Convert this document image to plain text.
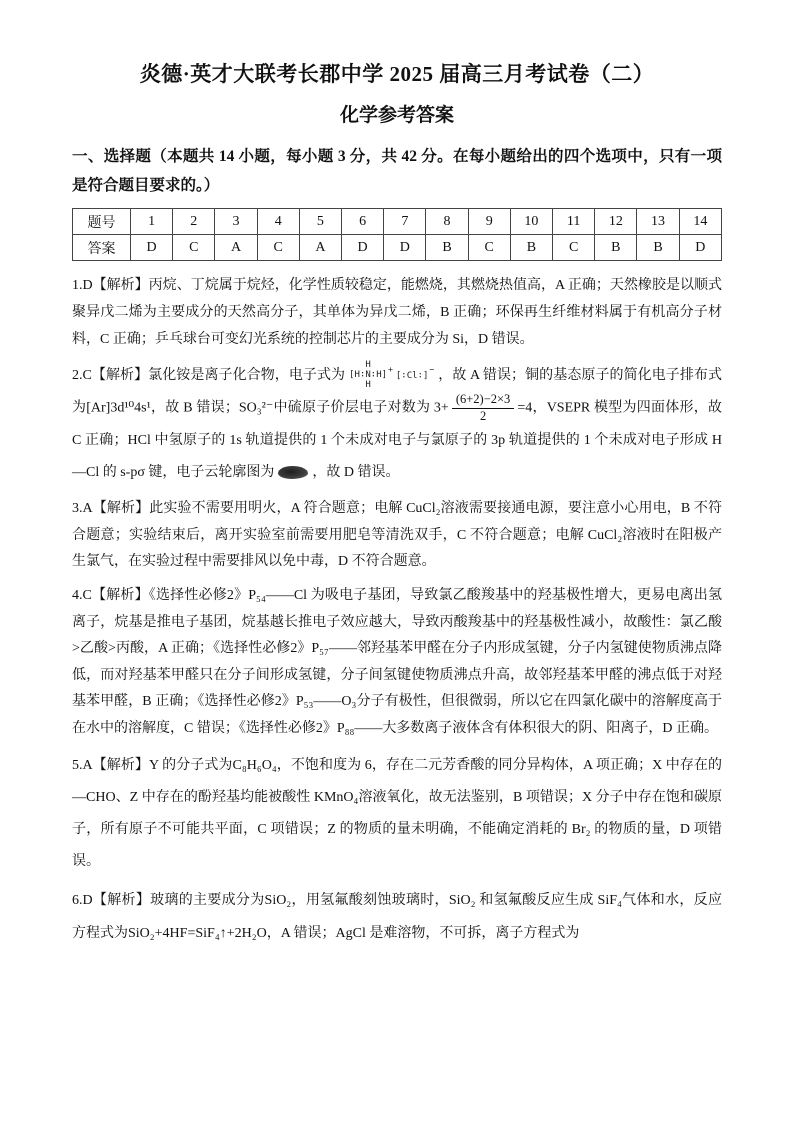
炎德·英才大联考长郡中学 2025 届高三月考试卷（二）
化学参考答案
一、选择题（本题共 14 小题，每小题 3 分，共 42 分。在每小题给出的四个选项中，只有一项是符合题目要求的。）
题号	1	2	3	4	5	6	7	8	9	10	11	12	13	14
答案	D	C	A	C	A	D	D	B	C	B	C	B	B	D

1.D【解析】丙烷、丁烷属于烷烃，化学性质较稳定，能燃烧，其燃烧热值高，A 正确；天然橡胶是以顺式聚异戊二烯为主要成分的天然高分子，其单体为异戊二烯，B 正确；环保再生纤维材料属于有机高分子材料，C 正确；乒乓球台可变幻光系统的控制芯片的主要成分为 Si，D 错误。

2.C【解析】氯化铵是离子化合物，电子式为
H
[H∶N∶H]
H
+
[∶Cl∶]
− ，故 A 错误；铜的基态原子的简化电子排布式为[Ar]3d¹⁰4s¹，故 B 错误；SO₃²⁻中硫原子价层电子对数为 $3+ \frac{(6+2)-2\times 3}{2} =4$，VSEPR 模型为四面体形，故 C 正确；HCl 中氢原子的 1s 轨道提供的 1 个未成对电子与氯原子的 3p 轨道提供的 1 个未成对电子形成 H—Cl 的 s-pσ 键，电子云轮廓图为	，故 D 错误。

3.A【解析】此实验不需要用明火，A 符合题意；电解 CuCl₂溶液需要接通电源，要注意小心用电，B 不符合题意；实验结束后，离开实验室前需要用肥皂等清洗双手，C 不符合题意；电解 CuCl₂溶液时在阳极产生氯气，在实验过程中需要排风以免中毒，D 不符合题意。

4.C【解析】《选择性必修2》P₅₄——Cl 为吸电子基团，导致氯乙酸羧基中的羟基极性增大，更易电离出氢离子，烷基是推电子基团，烷基越长推电子效应越大，导致丙酸羧基中的羟基极性减小，故酸性：氯乙酸>乙酸>丙酸，A 正确；《选择性必修2》P₅₇——邻羟基苯甲醛在分子内形成氢键，分子内氢键使物质沸点降低，而对羟基苯甲醛只在分子间形成氢键，分子间氢键使物质沸点升高，故邻羟基苯甲醛的沸点低于对羟基苯甲醛，B 正确；《选择性必修2》P₅₃——O₃分子有极性，但很微弱，所以它在四氯化碳中的溶解度高于在水中的溶解度，C 错误；《选择性必修2》P₈₈——大多数离子液体含有体积很大的阴、阳离子，D 正确。

5.A【解析】Y 的分子式为C₈H₆O₄，不饱和度为 6，存在二元芳香酸的同分异构体，A 项正确；X 中存在的—CHO、Z 中存在的酚羟基均能被酸性 KMnO₄溶液氧化，故无法鉴别，B 项错误；X 分子中存在饱和碳原子，所有原子不可能共平面，C 项错误；Z 的物质的量未明确，不能确定消耗的 Br₂ 的物质的量，D 项错误。

6.D【解析】玻璃的主要成分为SiO₂，用氢氟酸刻蚀玻璃时，SiO₂ 和氢氟酸反应生成 SiF₄气体和水，反应方程式为SiO₂+4HF=SiF₄↑+2H₂O，A 错误；AgCl 是难溶物，不可拆，离子方程式为
